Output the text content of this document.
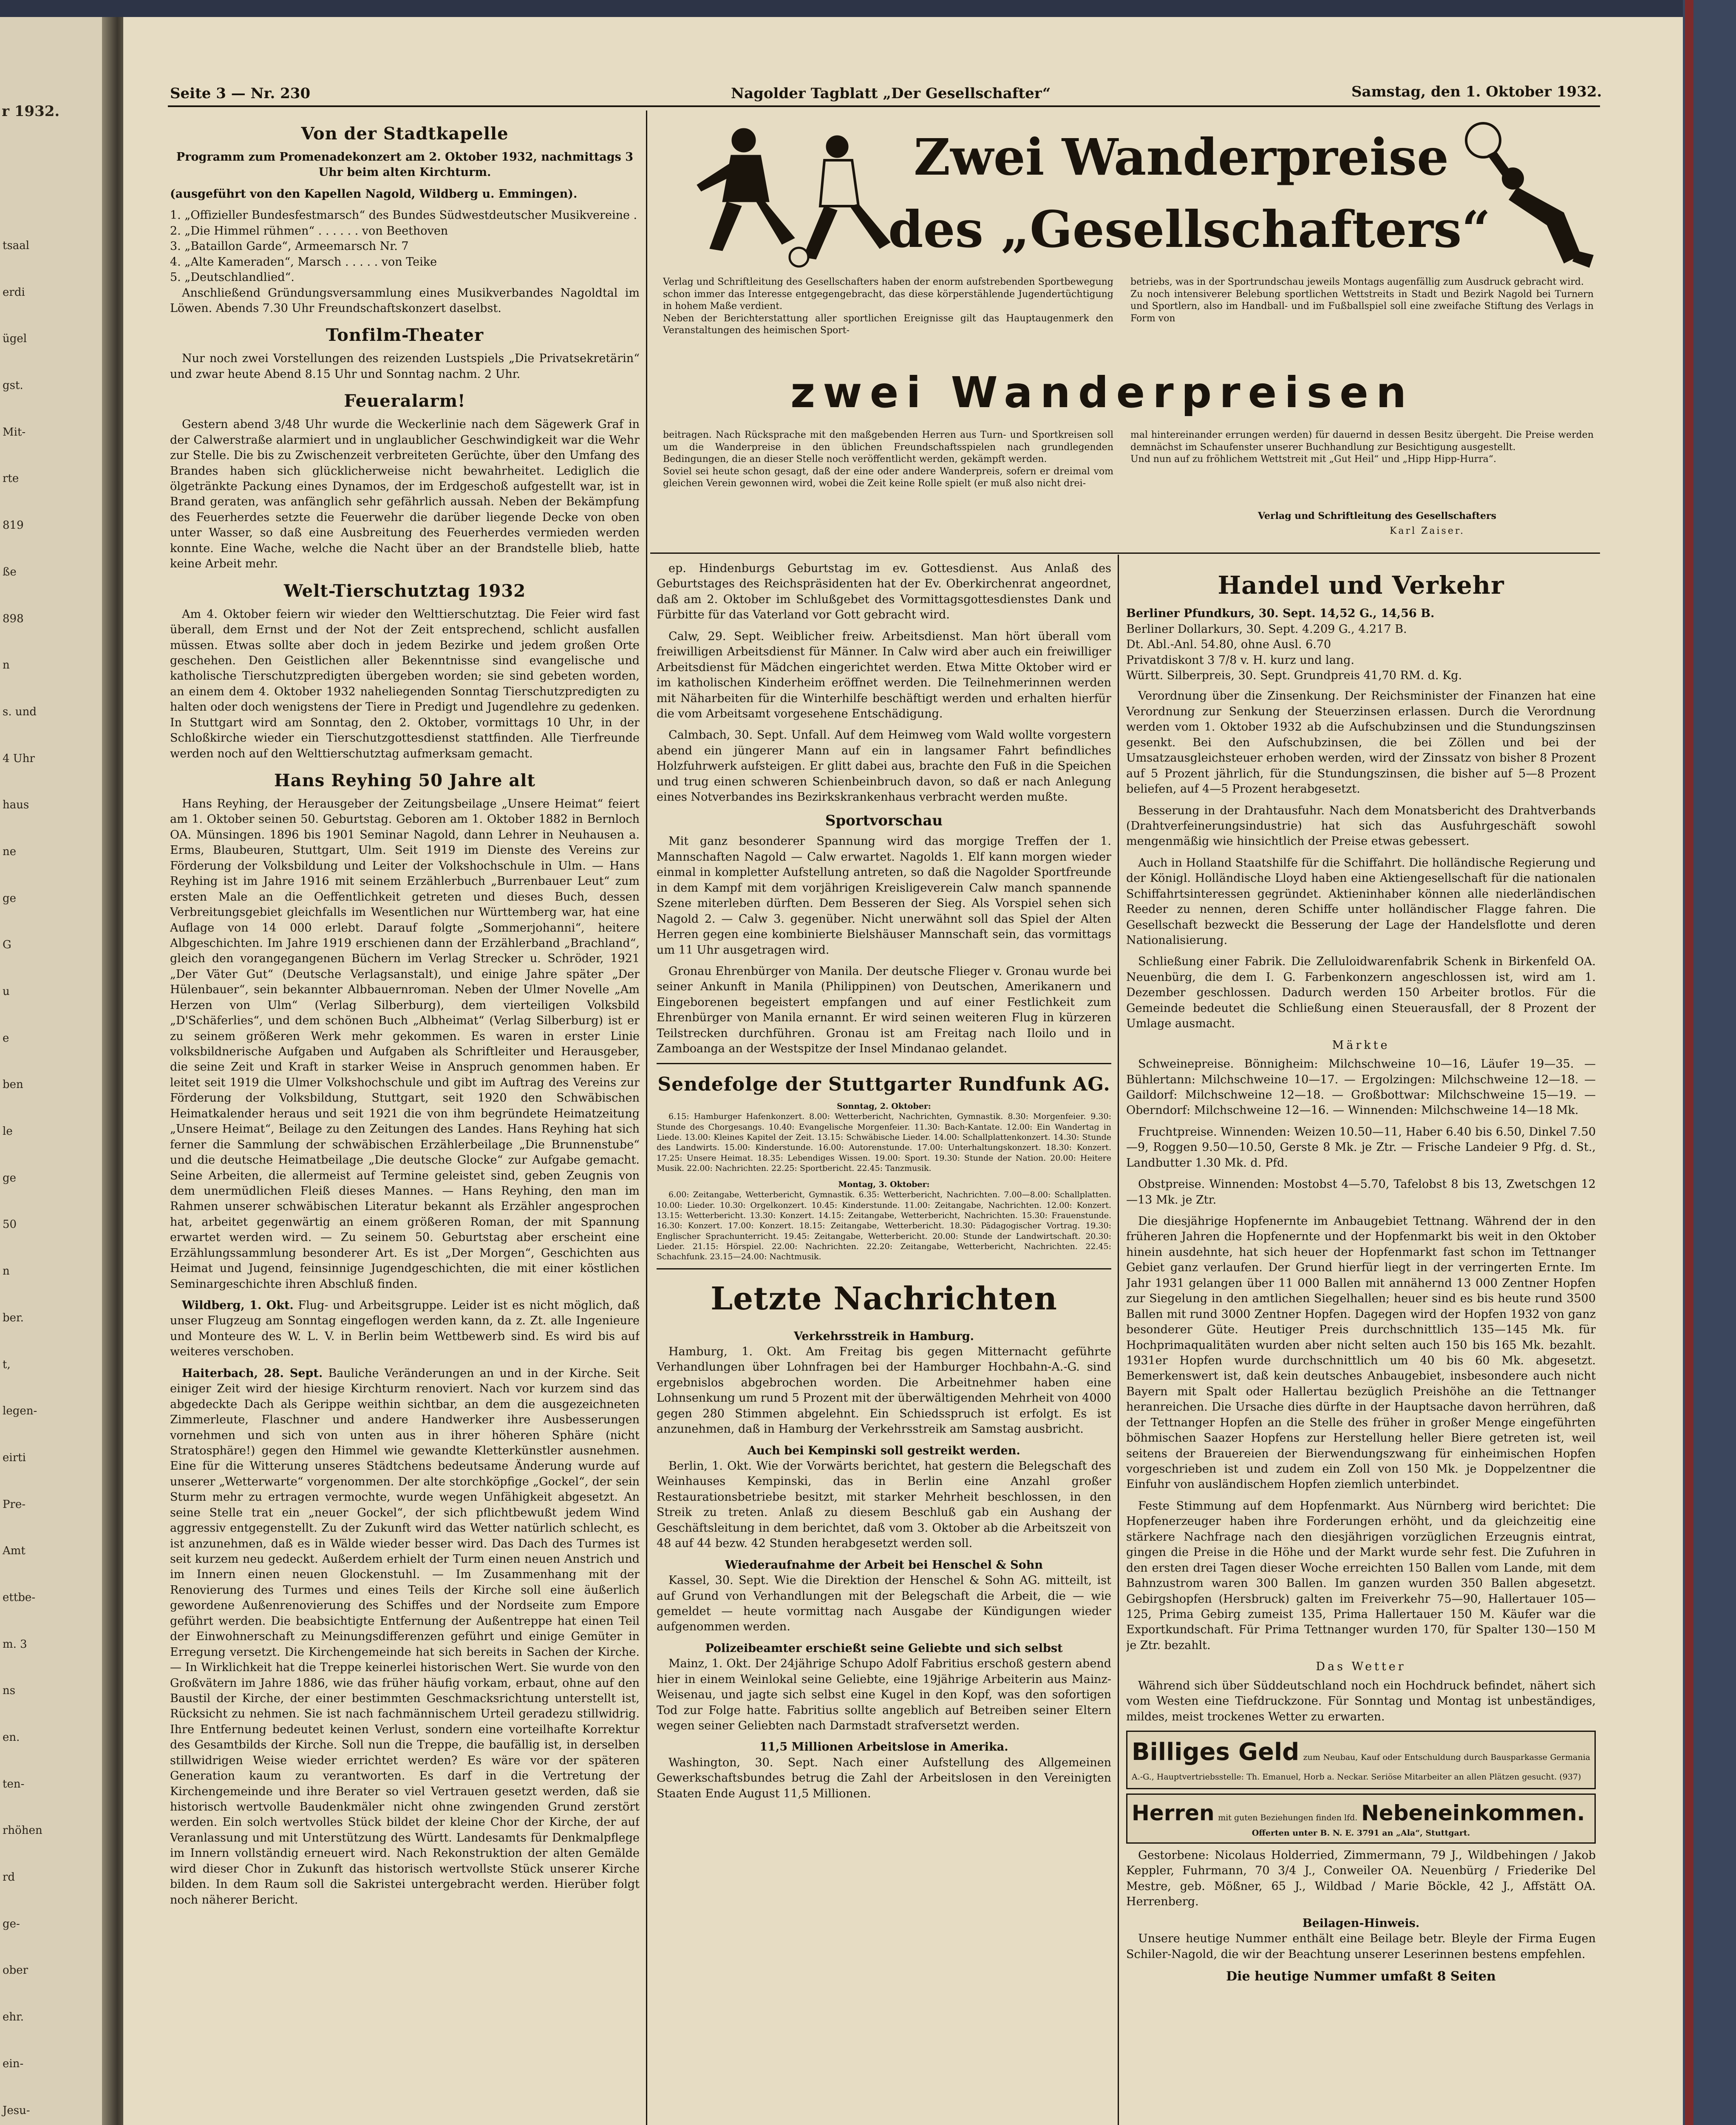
r 1932.
tsaal
erdi
ügel
gst.
Mit-
rte
819
ße
898
n
s. und
4 Uhr
haus
ne
ge
G
u
e
ben
le
ge
50
n
ber.
t,
legen-
eirti
Pre-
Amt
ettbe-
m. 3
ns
en.
ten-
rhöhen
rd
ge-
ober
ehr.
ein-
Jesu-
Seite 3 — Nr. 230	Nagolder Tagblatt „Der Gesellschafter“	Samstag, den 1. Oktober 1932.
Von der Stadtkapelle

Programm zum Promenadekonzert am 2. Oktober 1932, nachmittags 3 Uhr beim alten Kirchturm.

(ausgeführt von den Kapellen Nagold, Wildberg u. Emmingen).

1. „Offizieller Bundesfestmarsch“ des Bundes Südwestdeutscher Musikvereine .
2. „Die Himmel rühmen“ . . . . . . von Beethoven
3. „Bataillon Garde“, Armeemarsch Nr. 7
4. „Alte Kameraden“, Marsch . . . . . von Teike
5. „Deutschlandlied“.

Anschließend Gründungsversammlung eines Musikverbandes Nagoldtal im Löwen. Abends 7.30 Uhr Freundschaftskonzert daselbst.

Tonfilm-Theater

Nur noch zwei Vorstellungen des reizenden Lustspiels „Die Privatsekretärin“ und zwar heute Abend 8.15 Uhr und Sonntag nachm. 2 Uhr.

Feueralarm!

Gestern abend 3/48 Uhr wurde die Weckerlinie nach dem Sägewerk Graf in der Calwerstraße alarmiert und in unglaublicher Geschwindigkeit war die Wehr zur Stelle. Die bis zu Zwischenzeit verbreiteten Gerüchte, über den Umfang des Brandes haben sich glücklicherweise nicht bewahrheitet. Lediglich die ölgetränkte Packung eines Dynamos, der im Erdgeschoß aufgestellt war, ist in Brand geraten, was anfänglich sehr gefährlich aussah. Neben der Bekämpfung des Feuerherdes setzte die Feuerwehr die darüber liegende Decke von oben unter Wasser, so daß eine Ausbreitung des Feuerherdes vermieden werden konnte. Eine Wache, welche die Nacht über an der Brandstelle blieb, hatte keine Arbeit mehr.

Welt-Tierschutztag 1932

Am 4. Oktober feiern wir wieder den Welttierschutztag. Die Feier wird fast überall, dem Ernst und der Not der Zeit entsprechend, schlicht ausfallen müssen. Etwas sollte aber doch in jedem Bezirke und jedem großen Orte geschehen. Den Geistlichen aller Bekenntnisse sind evangelische und katholische Tierschutzpredigten übergeben worden; sie sind gebeten worden, an einem dem 4. Oktober 1932 naheliegenden Sonntag Tierschutzpredigten zu halten oder doch wenigstens der Tiere in Predigt und Jugendlehre zu gedenken. In Stuttgart wird am Sonntag, den 2. Oktober, vormittags 10 Uhr, in der Schloßkirche wieder ein Tierschutzgottesdienst stattfinden. Alle Tierfreunde werden noch auf den Welttierschutztag aufmerksam gemacht.

Hans Reyhing 50 Jahre alt

Hans Reyhing, der Herausgeber der Zeitungsbeilage „Unsere Heimat“ feiert am 1. Oktober seinen 50. Geburtstag. Geboren am 1. Oktober 1882 in Bernloch OA. Münsingen. 1896 bis 1901 Seminar Nagold, dann Lehrer in Neuhausen a. Erms, Blaubeuren, Stuttgart, Ulm. Seit 1919 im Dienste des Vereins zur Förderung der Volksbildung und Leiter der Volkshochschule in Ulm. — Hans Reyhing ist im Jahre 1916 mit seinem Erzählerbuch „Burrenbauer Leut“ zum ersten Male an die Oeffentlichkeit getreten und dieses Buch, dessen Verbreitungsgebiet gleichfalls im Wesentlichen nur Württemberg war, hat eine Auflage von 14 000 erlebt. Darauf folgte „Sommerjohanni“, heitere Albgeschichten. Im Jahre 1919 erschienen dann der Erzählerband „Brachland“, gleich den vorangegangenen Büchern im Verlag Strecker u. Schröder, 1921 „Der Väter Gut“ (Deutsche Verlagsanstalt), und einige Jahre später „Der Hülenbauer“, sein bekannter Albbauernroman. Neben der Ulmer Novelle „Am Herzen von Ulm“ (Verlag Silberburg), dem vierteiligen Volksbild „D'Schäferlies“, und dem schönen Buch „Albheimat“ (Verlag Silberburg) ist er zu seinem größeren Werk mehr gekommen. Es waren in erster Linie volksbildnerische Aufgaben und Aufgaben als Schriftleiter und Herausgeber, die seine Zeit und Kraft in starker Weise in Anspruch genommen haben. Er leitet seit 1919 die Ulmer Volkshochschule und gibt im Auftrag des Vereins zur Förderung der Volksbildung, Stuttgart, seit 1920 den Schwäbischen Heimatkalender heraus und seit 1921 die von ihm begründete Heimatzeitung „Unsere Heimat“, Beilage zu den Zeitungen des Landes. Hans Reyhing hat sich ferner die Sammlung der schwäbischen Erzählerbeilage „Die Brunnenstube“ und die deutsche Heimatbeilage „Die deutsche Glocke“ zur Aufgabe gemacht. Seine Arbeiten, die allermeist auf Termine geleistet sind, geben Zeugnis von dem unermüdlichen Fleiß dieses Mannes. — Hans Reyhing, den man im Rahmen unserer schwäbischen Literatur bekannt als Erzähler angesprochen hat, arbeitet gegenwärtig an einem größeren Roman, der mit Spannung erwartet werden wird. — Zu seinem 50. Geburtstag aber erscheint eine Erzählungssammlung besonderer Art. Es ist „Der Morgen“, Geschichten aus Heimat und Jugend, feinsinnige Jugendgeschichten, die mit einer köstlichen Seminargeschichte ihren Abschluß finden.

Wildberg, 1. Okt. Flug- und Arbeitsgruppe. Leider ist es nicht möglich, daß unser Flugzeug am Sonntag eingeflogen werden kann, da z. Zt. alle Ingenieure und Monteure des W. L. V. in Berlin beim Wettbewerb sind. Es wird bis auf weiteres verschoben.

Haiterbach, 28. Sept. Bauliche Veränderungen an und in der Kirche. Seit einiger Zeit wird der hiesige Kirchturm renoviert. Nach vor kurzem sind das abgedeckte Dach als Gerippe weithin sichtbar, an dem die ausgezeichneten Zimmerleute, Flaschner und andere Handwerker ihre Ausbesserungen vornehmen und sich von unten aus in ihrer höheren Sphäre (nicht Stratosphäre!) gegen den Himmel wie gewandte Kletterkünstler ausnehmen. Eine für die Witterung unseres Städtchens bedeutsame Änderung wurde auf unserer „Wetterwarte“ vorgenommen. Der alte storchköpfige „Gockel“, der sein Sturm mehr zu ertragen vermochte, wurde wegen Unfähigkeit abgesetzt. An seine Stelle trat ein „neuer Gockel“, der sich pflichtbewußt jedem Wind aggressiv entgegenstellt. Zu der Zukunft wird das Wetter natürlich schlecht, es ist anzunehmen, daß es in Wälde wieder besser wird. Das Dach des Turmes ist seit kurzem neu gedeckt. Außerdem erhielt der Turm einen neuen Anstrich und im Innern einen neuen Glockenstuhl. — Im Zusammenhang mit der Renovierung des Turmes und eines Teils der Kirche soll eine äußerlich gewordene Außenrenovierung des Schiffes und der Nordseite zum Empore geführt werden. Die beabsichtigte Entfernung der Außentreppe hat einen Teil der Einwohnerschaft zu Meinungsdifferenzen geführt und einige Gemüter in Erregung versetzt. Die Kirchengemeinde hat sich bereits in Sachen der Kirche. — In Wirklichkeit hat die Treppe keinerlei historischen Wert. Sie wurde von den Großvätern im Jahre 1886, wie das früher häufig vorkam, erbaut, ohne auf den Baustil der Kirche, der einer bestimmten Geschmacksrichtung unterstellt ist, Rücksicht zu nehmen. Sie ist nach fachmännischem Urteil geradezu stillwidrig. Ihre Entfernung bedeutet keinen Verlust, sondern eine vorteilhafte Korrektur des Gesamtbilds der Kirche. Soll nun die Treppe, die baufällig ist, in derselben stillwidrigen Weise wieder errichtet werden? Es wäre vor der späteren Generation kaum zu verantworten. Es darf in die Vertretung der Kirchengemeinde und ihre Berater so viel Vertrauen gesetzt werden, daß sie historisch wertvolle Baudenkmäler nicht ohne zwingenden Grund zerstört werden. Ein solch wertvolles Stück bildet der kleine Chor der Kirche, der auf Veranlassung und mit Unterstützung des Württ. Landesamts für Denkmalpflege im Innern vollständig erneuert wird. Nach Rekonstruktion der alten Gemälde wird dieser Chor in Zukunft das historisch wertvollste Stück unserer Kirche bilden. In dem Raum soll die Sakristei untergebracht werden. Hierüber folgt noch näherer Bericht.

Zwei Wanderpreise
des „Gesellschafters“
Verlag und Schriftleitung des Gesellschafters haben der enorm aufstrebenden Sportbewegung schon immer das Interesse entgegengebracht, das diese körperstählende Jugendertüchtigung in hohem Maße verdient.
Neben der Berichterstattung aller sportlichen Ereignisse gilt das Hauptaugenmerk den Veranstaltungen des heimischen Sport-
betriebs, was in der Sportrundschau jeweils Montags augenfällig zum Ausdruck gebracht wird.
Zu noch intensiverer Belebung sportlichen Wettstreits in Stadt und Bezirk Nagold bei Turnern und Sportlern, also im Handball- und im Fußballspiel soll eine zweifache Stiftung des Verlags in Form von
zwei Wanderpreisen
beitragen. Nach Rücksprache mit den maßgebenden Herren aus Turn- und Sportkreisen soll um die Wanderpreise in den üblichen Freundschaftsspielen nach grundlegenden Bedingungen, die an dieser Stelle noch veröffentlicht werden, gekämpft werden.
Soviel sei heute schon gesagt, daß der eine oder andere Wanderpreis, sofern er dreimal vom gleichen Verein gewonnen wird, wobei die Zeit keine Rolle spielt (er muß also nicht drei-
mal hintereinander errungen werden) für dauernd in dessen Besitz übergeht. Die Preise werden demnächst im Schaufenster unserer Buchhandlung zur Besichtigung ausgestellt.
Und nun auf zu fröhlichem Wettstreit mit „Gut Heil“ und „Hipp Hipp-Hurra“.
Verlag und Schriftleitung des Gesellschafters
Karl Zaiser.

ep. Hindenburgs Geburtstag im ev. Gottesdienst. Aus Anlaß des Geburtstages des Reichspräsidenten hat der Ev. Oberkirchenrat angeordnet, daß am 2. Oktober im Schlußgebet des Vormittagsgottesdienstes Dank und Fürbitte für das Vaterland vor Gott gebracht wird.

Calw, 29. Sept. Weiblicher freiw. Arbeitsdienst. Man hört überall vom freiwilligen Arbeitsdienst für Männer. In Calw wird aber auch ein freiwilliger Arbeitsdienst für Mädchen eingerichtet werden. Etwa Mitte Oktober wird er im katholischen Kinderheim eröffnet werden. Die Teilnehmerinnen werden mit Näharbeiten für die Winterhilfe beschäftigt werden und erhalten hierfür die vom Arbeitsamt vorgesehene Entschädigung.

Calmbach, 30. Sept. Unfall. Auf dem Heimweg vom Wald wollte vorgestern abend ein jüngerer Mann auf ein in langsamer Fahrt befindliches Holzfuhrwerk aufsteigen. Er glitt dabei aus, brachte den Fuß in die Speichen und trug einen schweren Schienbeinbruch davon, so daß er nach Anlegung eines Notverbandes ins Bezirkskrankenhaus verbracht werden mußte.

Sportvorschau

Mit ganz besonderer Spannung wird das morgige Treffen der 1. Mannschaften Nagold — Calw erwartet. Nagolds 1. Elf kann morgen wieder einmal in kompletter Aufstellung antreten, so daß die Nagolder Sportfreunde in dem Kampf mit dem vorjährigen Kreisligeverein Calw manch spannende Szene miterleben dürften. Dem Besseren der Sieg. Als Vorspiel sehen sich Nagold 2. — Calw 3. gegenüber. Nicht unerwähnt soll das Spiel der Alten Herren gegen eine kombinierte Bielshäuser Mannschaft sein, das vormittags um 11 Uhr ausgetragen wird.

Gronau Ehrenbürger von Manila. Der deutsche Flieger v. Gronau wurde bei seiner Ankunft in Manila (Philippinen) von Deutschen, Amerikanern und Eingeborenen begeistert empfangen und auf einer Festlichkeit zum Ehrenbürger von Manila ernannt. Er wird seinen weiteren Flug in kürzeren Teilstrecken durchführen. Gronau ist am Freitag nach Iloilo und in Zamboanga an der Westspitze der Insel Mindanao gelandet.

Sendefolge der Stuttgarter Rundfunk AG.
Sonntag, 2. Oktober:

6.15: Hamburger Hafenkonzert. 8.00: Wetterbericht, Nachrichten, Gymnastik. 8.30: Morgenfeier. 9.30: Stunde des Chorgesangs. 10.40: Evangelische Morgenfeier. 11.30: Bach-Kantate. 12.00: Ein Wandertag in Liede. 13.00: Kleines Kapitel der Zeit. 13.15: Schwäbische Lieder. 14.00: Schallplattenkonzert. 14.30: Stunde des Landwirts. 15.00: Kinderstunde. 16.00: Autorenstunde. 17.00: Unterhaltungskonzert. 18.30: Konzert. 17.25: Unsere Heimat. 18.35: Lebendiges Wissen. 19.00: Sport. 19.30: Stunde der Nation. 20.00: Heitere Musik. 22.00: Nachrichten. 22.25: Sportbericht. 22.45: Tanzmusik.

Montag, 3. Oktober:

6.00: Zeitangabe, Wetterbericht, Gymnastik. 6.35: Wetterbericht, Nachrichten. 7.00—8.00: Schallplatten. 10.00: Lieder. 10.30: Orgelkonzert. 10.45: Kinderstunde. 11.00: Zeitangabe, Nachrichten. 12.00: Konzert. 13.15: Wetterbericht. 13.30: Konzert. 14.15: Zeitangabe, Wetterbericht, Nachrichten. 15.30: Frauenstunde. 16.30: Konzert. 17.00: Konzert. 18.15: Zeitangabe, Wetterbericht. 18.30: Pädagogischer Vortrag. 19.30: Englischer Sprachunterricht. 19.45: Zeitangabe, Wetterbericht. 20.00: Stunde der Landwirtschaft. 20.30: Lieder. 21.15: Hörspiel. 22.00: Nachrichten. 22.20: Zeitangabe, Wetterbericht, Nachrichten. 22.45: Schachfunk. 23.15—24.00: Nachtmusik.

Letzte Nachrichten
Verkehrsstreik in Hamburg.

Hamburg, 1. Okt. Am Freitag bis gegen Mitternacht geführte Verhandlungen über Lohnfragen bei der Hamburger Hochbahn-A.-G. sind ergebnislos abgebrochen worden. Die Arbeitnehmer haben eine Lohnsenkung um rund 5 Prozent mit der überwältigenden Mehrheit von 4000 gegen 280 Stimmen abgelehnt. Ein Schiedsspruch ist erfolgt. Es ist anzunehmen, daß in Hamburg der Verkehrsstreik am Samstag ausbricht.

Auch bei Kempinski soll gestreikt werden.

Berlin, 1. Okt. Wie der Vorwärts berichtet, hat gestern die Belegschaft des Weinhauses Kempinski, das in Berlin eine Anzahl großer Restaurationsbetriebe besitzt, mit starker Mehrheit beschlossen, in den Streik zu treten. Anlaß zu diesem Beschluß gab ein Aushang der Geschäftsleitung in dem berichtet, daß vom 3. Oktober ab die Arbeitszeit von 48 auf 44 bezw. 42 Stunden herabgesetzt werden soll.

Wiederaufnahme der Arbeit bei Henschel & Sohn

Kassel, 30. Sept. Wie die Direktion der Henschel & Sohn AG. mitteilt, ist auf Grund von Verhandlungen mit der Belegschaft die Arbeit, die — wie gemeldet — heute vormittag nach Ausgabe der Kündigungen wieder aufgenommen werden.

Polizeibeamter erschießt seine Geliebte und sich selbst

Mainz, 1. Okt. Der 24jährige Schupo Adolf Fabritius erschoß gestern abend hier in einem Weinlokal seine Geliebte, eine 19jährige Arbeiterin aus Mainz-Weisenau, und jagte sich selbst eine Kugel in den Kopf, was den sofortigen Tod zur Folge hatte. Fabritius sollte angeblich auf Betreiben seiner Eltern wegen seiner Geliebten nach Darmstadt strafversetzt werden.

11,5 Millionen Arbeitslose in Amerika.

Washington, 30. Sept. Nach einer Aufstellung des Allgemeinen Gewerkschaftsbundes betrug die Zahl der Arbeitslosen in den Vereinigten Staaten Ende August 11,5 Millionen.

Handel und Verkehr
Berliner Pfundkurs, 30. Sept. 14,52 G., 14,56 B.
Berliner Dollarkurs, 30. Sept. 4.209 G., 4.217 B.
Dt. Abl.-Anl. 54.80, ohne Ausl. 6.70
Privatdiskont 3 7/8 v. H. kurz und lang.
Württ. Silberpreis, 30. Sept. Grundpreis 41,70 RM. d. Kg.

Verordnung über die Zinsenkung. Der Reichsminister der Finanzen hat eine Verordnung zur Senkung der Steuerzinsen erlassen. Durch die Verordnung werden vom 1. Oktober 1932 ab die Aufschubzinsen und die Stundungszinsen gesenkt. Bei den Aufschubzinsen, die bei Zöllen und bei der Umsatzausgleichsteuer erhoben werden, wird der Zinssatz von bisher 8 Prozent auf 5 Prozent jährlich, für die Stundungszinsen, die bisher auf 5—8 Prozent beliefen, auf 4—5 Prozent herabgesetzt.

Besserung in der Drahtausfuhr. Nach dem Monatsbericht des Drahtverbands (Drahtverfeinerungsindustrie) hat sich das Ausfuhrgeschäft sowohl mengenmäßig wie hinsichtlich der Preise etwas gebessert.

Auch in Holland Staatshilfe für die Schiffahrt. Die holländische Regierung und der Königl. Holländische Lloyd haben eine Aktiengesellschaft für die nationalen Schiffahrtsinteressen gegründet. Aktieninhaber können alle niederländischen Reeder zu nennen, deren Schiffe unter holländischer Flagge fahren. Die Gesellschaft bezweckt die Besserung der Lage der Handelsflotte und deren Nationalisierung.

Schließung einer Fabrik. Die Zelluloidwarenfabrik Schenk in Birkenfeld OA. Neuenbürg, die dem I. G. Farbenkonzern angeschlossen ist, wird am 1. Dezember geschlossen. Dadurch werden 150 Arbeiter brotlos. Für die Gemeinde bedeutet die Schließung einen Steuerausfall, der 8 Prozent der Umlage ausmacht.

Märkte

Schweinepreise. Bönnigheim: Milchschweine 10—16, Läufer 19—35. — Bühlertann: Milchschweine 10—17. — Ergolzingen: Milchschweine 12—18. — Gaildorf: Milchschweine 12—18. — Großbottwar: Milchschweine 15—19. — Oberndorf: Milchschweine 12—16. — Winnenden: Milchschweine 14—18 Mk.

Fruchtpreise. Winnenden: Weizen 10.50—11, Haber 6.40 bis 6.50, Dinkel 7.50—9, Roggen 9.50—10.50, Gerste 8 Mk. je Ztr. — Frische Landeier 9 Pfg. d. St., Landbutter 1.30 Mk. d. Pfd.

Obstpreise. Winnenden: Mostobst 4—5.70, Tafelobst 8 bis 13, Zwetschgen 12—13 Mk. je Ztr.

Die diesjährige Hopfenernte im Anbaugebiet Tettnang. Während der in den früheren Jahren die Hopfenernte und der Hopfenmarkt bis weit in den Oktober hinein ausdehnte, hat sich heuer der Hopfenmarkt fast schon im Tettnanger Gebiet ganz verlaufen. Der Grund hierfür liegt in der verringerten Ernte. Im Jahr 1931 gelangen über 11 000 Ballen mit annähernd 13 000 Zentner Hopfen zur Siegelung in den amtlichen Siegelhallen; heuer sind es bis heute rund 3500 Ballen mit rund 3000 Zentner Hopfen. Dagegen wird der Hopfen 1932 von ganz besonderer Güte. Heutiger Preis durchschnittlich 135—145 Mk. für Hochprimaqualitäten wurden aber nicht selten auch 150 bis 165 Mk. bezahlt. 1931er Hopfen wurde durchschnittlich um 40 bis 60 Mk. abgesetzt. Bemerkenswert ist, daß kein deutsches Anbaugebiet, insbesondere auch nicht Bayern mit Spalt oder Hallertau bezüglich Preishöhe an die Tettnanger heranreichen. Die Ursache dies dürfte in der Hauptsache davon herrühren, daß der Tettnanger Hopfen an die Stelle des früher in großer Menge eingeführten böhmischen Saazer Hopfens zur Herstellung heller Biere getreten ist, weil seitens der Brauereien der Bierwendungszwang für einheimischen Hopfen vorgeschrieben ist und zudem ein Zoll von 150 Mk. je Doppelzentner die Einfuhr von ausländischem Hopfen ziemlich unterbindet.

Feste Stimmung auf dem Hopfenmarkt. Aus Nürnberg wird berichtet: Die Hopfenerzeuger haben ihre Forderungen erhöht, und da gleichzeitig eine stärkere Nachfrage nach den diesjährigen vorzüglichen Erzeugnis eintrat, gingen die Preise in die Höhe und der Markt wurde sehr fest. Die Zufuhren in den ersten drei Tagen dieser Woche erreichten 150 Ballen vom Lande, mit dem Bahnzustrom waren 300 Ballen. Im ganzen wurden 350 Ballen abgesetzt. Gebirgshopfen (Hersbruck) galten im Freiverkehr 75—90, Hallertauer 105—125, Prima Gebirg zumeist 135, Prima Hallertauer 150 M. Käufer war die Exportkundschaft. Für Prima Tettnanger wurden 170, für Spalter 130—150 M je Ztr. bezahlt.

Das Wetter

Während sich über Süddeutschland noch ein Hochdruck befindet, nähert sich vom Westen eine Tiefdruckzone. Für Sonntag und Montag ist unbeständiges, mildes, meist trockenes Wetter zu erwarten.

Billiges Geld zum Neubau, Kauf oder Entschuldung durch Bausparkasse Germania A.-G., Hauptvertriebsstelle: Th. Emanuel, Horb a. Neckar. Seriöse Mitarbeiter an allen Plätzen gesucht. (937)
Herren mit guten Beziehungen finden lfd. Nebeneinkommen.
Offerten unter B. N. E. 3791 an „Ala“, Stuttgart.

Gestorbene: Nicolaus Holderried, Zimmermann, 79 J., Wildbehingen / Jakob Keppler, Fuhrmann, 70 3/4 J., Conweiler OA. Neuenbürg / Friederike Del Mestre, geb. Mößner, 65 J., Wildbad / Marie Böckle, 42 J., Affstätt OA. Herrenberg.

Beilagen-Hinweis.

Unsere heutige Nummer enthält eine Beilage betr. Bleyle der Firma Eugen Schiler-Nagold, die wir der Beachtung unserer Leserinnen bestens empfehlen.

Die heutige Nummer umfaßt 8 Seiten
